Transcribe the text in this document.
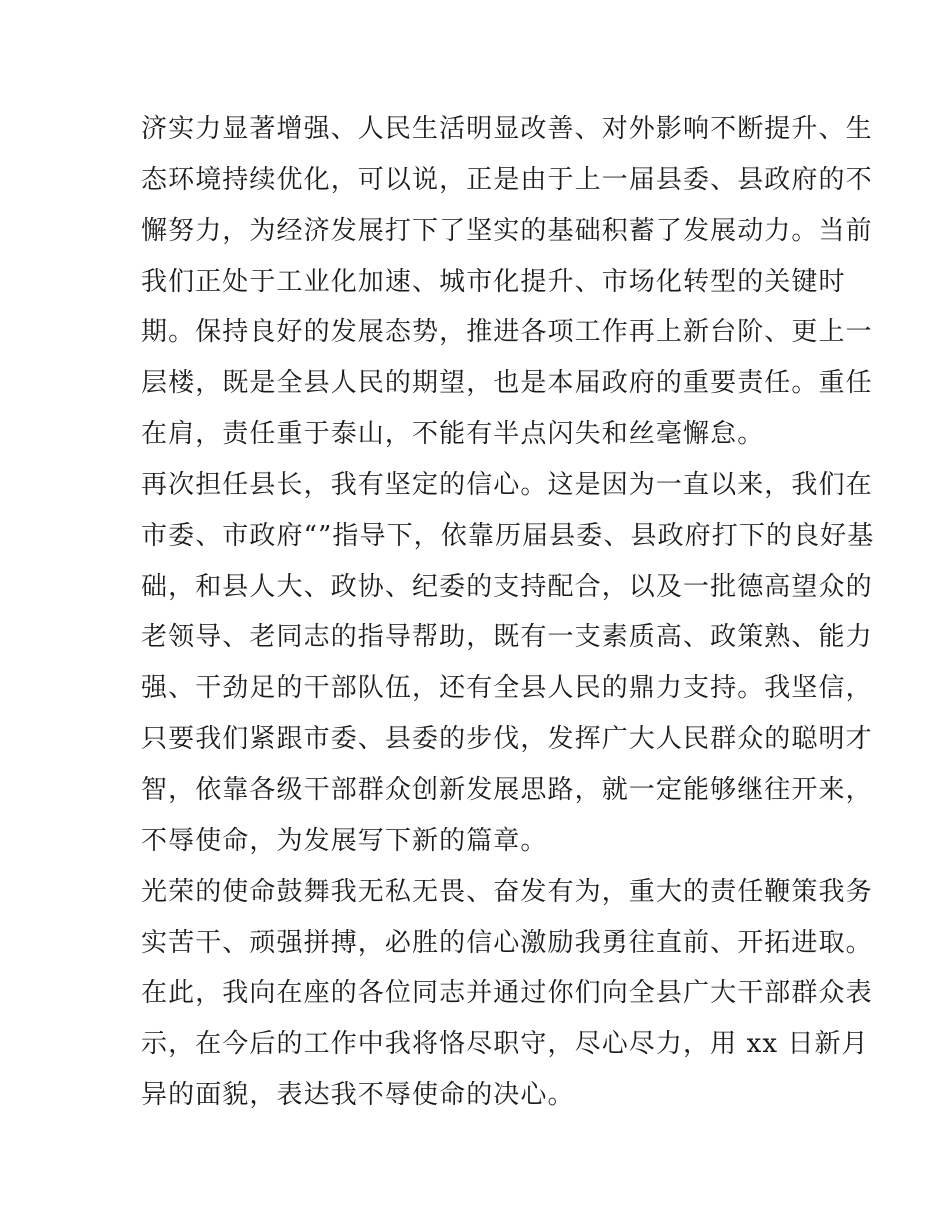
济实力显著增强、人民生活明显改善、对外影响不断提升、生
态环境持续优化，可以说，正是由于上一届县委、县政府的不
懈努力，为经济发展打下了坚实的基础积蓄了发展动力。当前
我们正处于工业化加速、城市化提升、市场化转型的关键时
期。保持良好的发展态势，推进各项工作再上新台阶、更上一
层楼，既是全县人民的期望，也是本届政府的重要责任。重任
在肩，责任重于泰山，不能有半点闪失和丝毫懈怠。
再次担任县长，我有坚定的信心。这是因为一直以来，我们在
市委、市政府“”指导下，依靠历届县委、县政府打下的良好基
础，和县人大、政协、纪委的支持配合，以及一批德高望众的
老领导、老同志的指导帮助，既有一支素质高、政策熟、能力
强、干劲足的干部队伍，还有全县人民的鼎力支持。我坚信，
只要我们紧跟市委、县委的步伐，发挥广大人民群众的聪明才
智，依靠各级干部群众创新发展思路，就一定能够继往开来，
不辱使命，为发展写下新的篇章。
光荣的使命鼓舞我无私无畏、奋发有为，重大的责任鞭策我务
实苦干、顽强拼搏，必胜的信心激励我勇往直前、开拓进取。
在此，我向在座的各位同志并通过你们向全县广大干部群众表
示，在今后的工作中我将恪尽职守，尽心尽力，用 xx 日新月
异的面貌，表达我不辱使命的决心。
